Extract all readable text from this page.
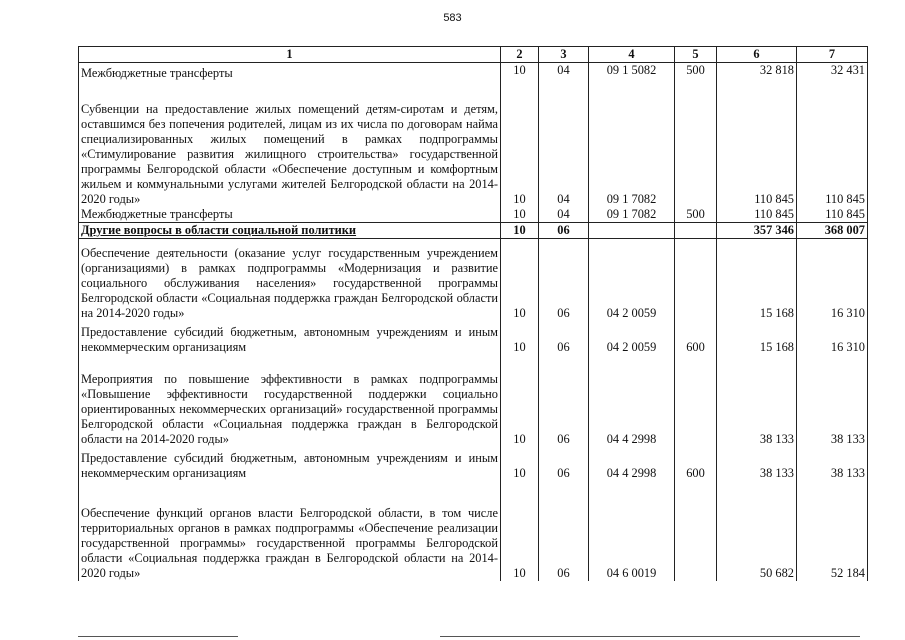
583
1	2	3	4	5	6	7
Межбюджетные трансферты	10	04	09 1 5082	500	32 818	32 431
Субвенции на предоставление жилых помещений детям-сиротам и детям, оставшимся без попечения родителей, лицам из их числа по договорам найма специализированных жилых помещений в рамках подпрограммы «Стимулирование развития жилищного строительства» государственной программы Белгородской области «Обеспечение доступным и комфортным жильем и коммунальными услугами жителей Белгородской области на 2014-2020 годы»	10	04	09 1 7082		110 845	110 845
Межбюджетные трансферты	10	04	09 1 7082	500	110 845	110 845
Другие вопросы в области социальной политики	10	06			357 346	368 007
Обеспечение деятельности (оказание услуг государственным учреждением (организациями) в рамках подпрограммы «Модернизация и развитие социального обслуживания населения» государственной программы Белгородской области «Социальная поддержка граждан Белгородской области на 2014-2020 годы»	10	06	04 2 0059		15 168	16 310
Предоставление субсидий бюджетным, автономным учреждениям и иным некоммерческим организациям	10	06	04 2 0059	600	15 168	16 310
Мероприятия по повышение эффективности в рамках подпрограммы «Повышение эффективности государственной поддержки социально ориентированных некоммерческих организаций» государственной программы Белгородской области «Социальная поддержка граждан в Белгородской области на 2014-2020 годы»	10	06	04 4 2998		38 133	38 133
Предоставление субсидий бюджетным, автономным учреждениям и иным некоммерческим организациям	10	06	04 4 2998	600	38 133	38 133
Обеспечение функций органов власти Белгородской области, в том числе территориальных органов в рамках подпрограммы «Обеспечение реализации государственной программы» государственной программы Белгородской области «Социальная поддержка граждан в Белгородской области на 2014-2020 годы»	10	06	04 6 0019		50 682	52 184
